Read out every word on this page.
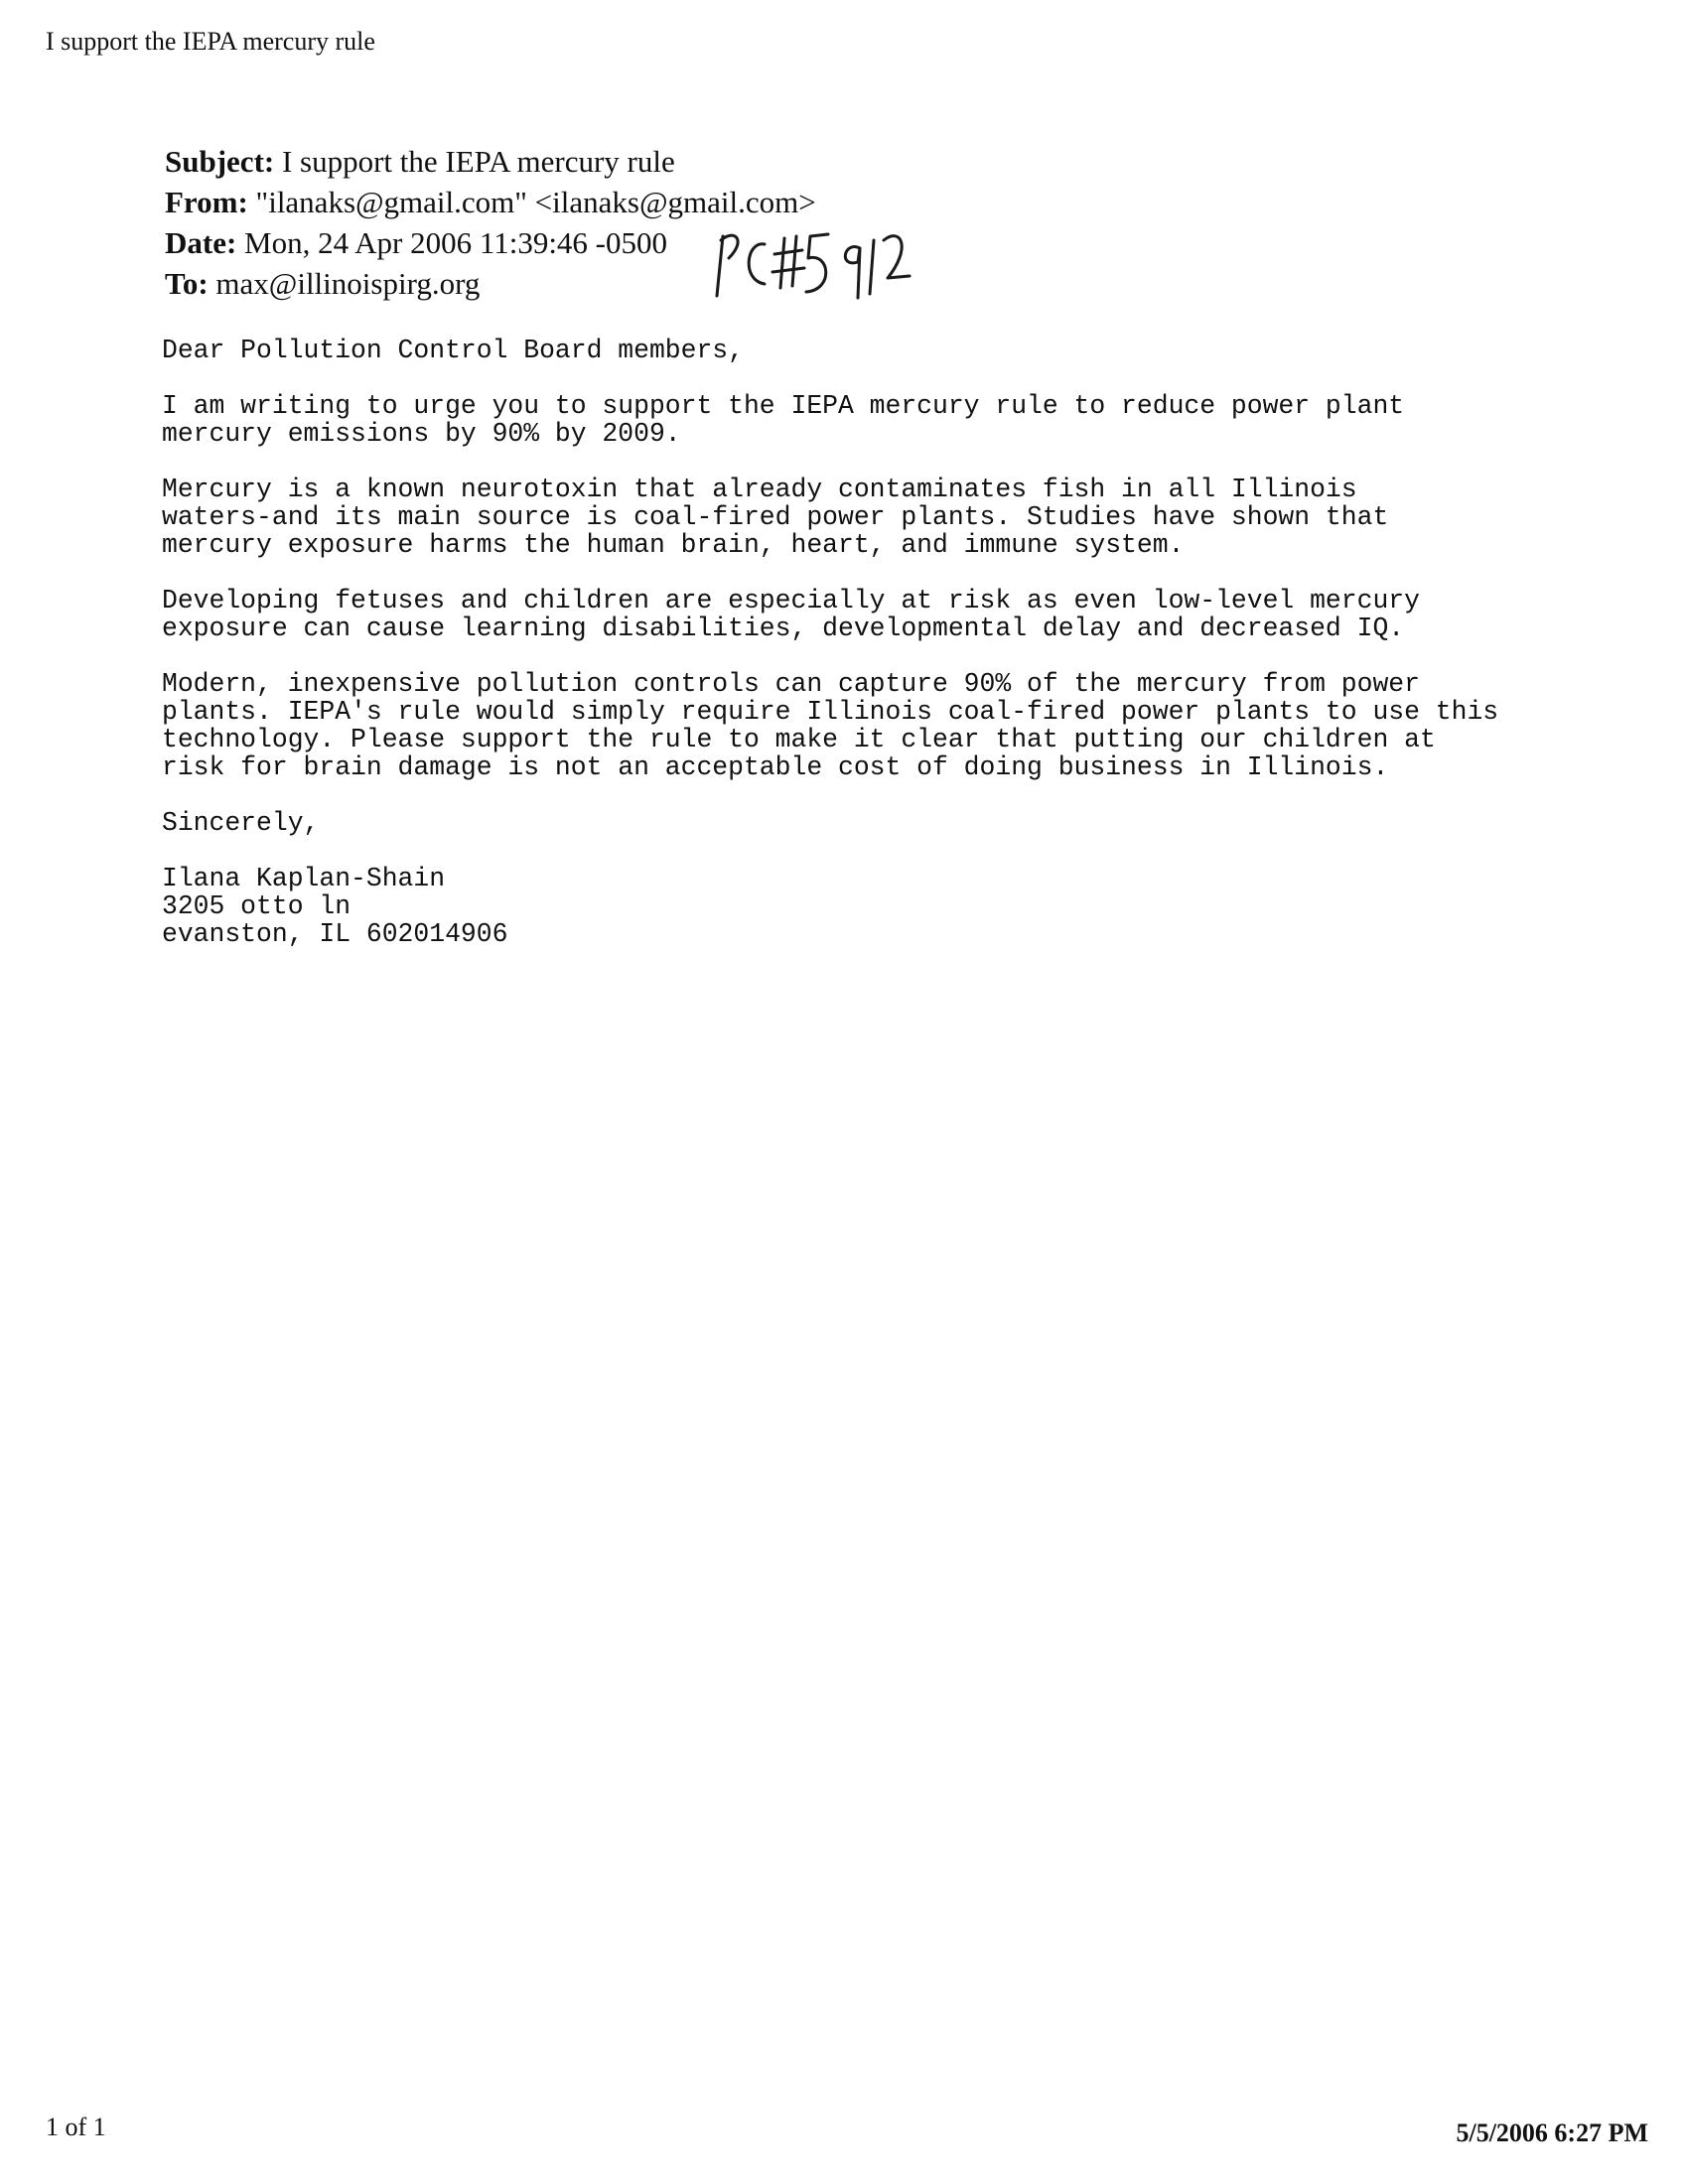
I support the IEPA mercury rule
Subject: I support the IEPA mercury rule
From: "ilanaks@gmail.com" <ilanaks@gmail.com>
Date: Mon, 24 Apr 2006 11:39:46 -0500
To: max@illinoispirg.org

Dear Pollution Control Board members,

I am writing to urge you to support the IEPA mercury rule to reduce power plant
mercury emissions by 90% by 2009.

Mercury is a known neurotoxin that already contaminates fish in all Illinois
waters-and its main source is coal-fired power plants. Studies have shown that
mercury exposure harms the human brain, heart, and immune system.

Developing fetuses and children are especially at risk as even low-level mercury
exposure can cause learning disabilities, developmental delay and decreased IQ.

Modern, inexpensive pollution controls can capture 90% of the mercury from power
plants. IEPA's rule would simply require Illinois coal-fired power plants to use this
technology. Please support the rule to make it clear that putting our children at
risk for brain damage is not an acceptable cost of doing business in Illinois.

Sincerely,

Ilana Kaplan-Shain
3205 otto ln
evanston, IL 602014906

1 of 1	5/5/2006 6:27 PM
